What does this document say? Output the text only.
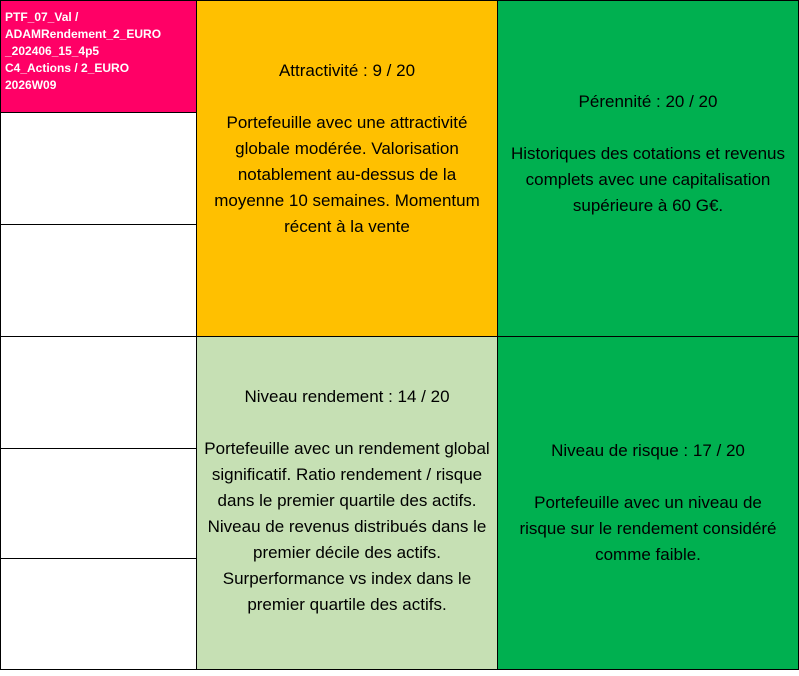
PTF_07_Val /
ADAMRendement_2_EURO
_202406_15_4p5
C4_Actions / 2_EURO
2026W09
Attractivité : 9 / 20
Portefeuille avec une attractivité globale modérée. Valorisation notablement au-dessus de la moyenne 10 semaines. Momentum récent à la vente
Pérennité : 20 / 20
Historiques des cotations et revenus complets avec une capitalisation supérieure à 60 G€.
Niveau rendement : 14 / 20
Portefeuille avec un rendement global significatif. Ratio rendement / risque dans le premier quartile des actifs. Niveau de revenus distribués dans le premier décile des actifs. Surperformance vs index dans le premier quartile des actifs.
Niveau de risque : 17 / 20
Portefeuille avec un niveau de risque sur le rendement considéré comme faible.
